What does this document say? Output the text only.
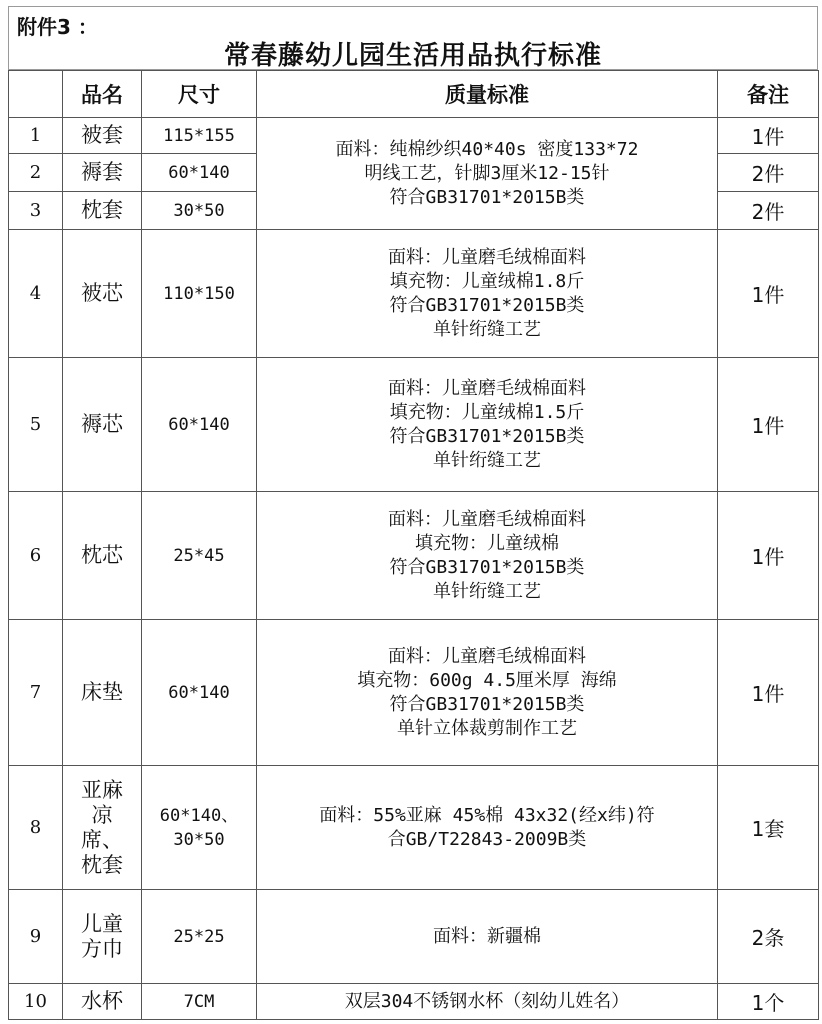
附件3 ：
常春藤幼儿园生活用品执行标准
	品名	尺寸	质量标准	备注
1	被套	115*155	面料：纯棉纱织40*40s 密度133*72
明线工艺，针脚3厘米12-15针
符合GB31701*2015B类	1件
2	褥套	60*140		2件
3	枕套	30*50		2件
4	被芯	110*150	面料：儿童磨毛绒棉面料
填充物：儿童绒棉1.8斤
符合GB31701*2015B类
单针绗缝工艺	1件
5	褥芯	60*140	面料：儿童磨毛绒棉面料
填充物：儿童绒棉1.5斤
符合GB31701*2015B类
单针绗缝工艺	1件
6	枕芯	25*45	面料：儿童磨毛绒棉面料
填充物：儿童绒棉
符合GB31701*2015B类
单针绗缝工艺	1件
7	床垫	60*140	面料：儿童磨毛绒棉面料
填充物：600g 4.5厘米厚 海绵
符合GB31701*2015B类
单针立体裁剪制作工艺	1件
8	亚麻
凉
席、
枕套	60*140、
30*50	面料：55%亚麻 45%棉 43x32(经x纬)符
合GB/T22843-2009B类	1套
9	儿童
方巾	25*25	面料：新疆棉	2条
10	水杯	7CM	双层304不锈钢水杯（刻幼儿姓名）	1个
